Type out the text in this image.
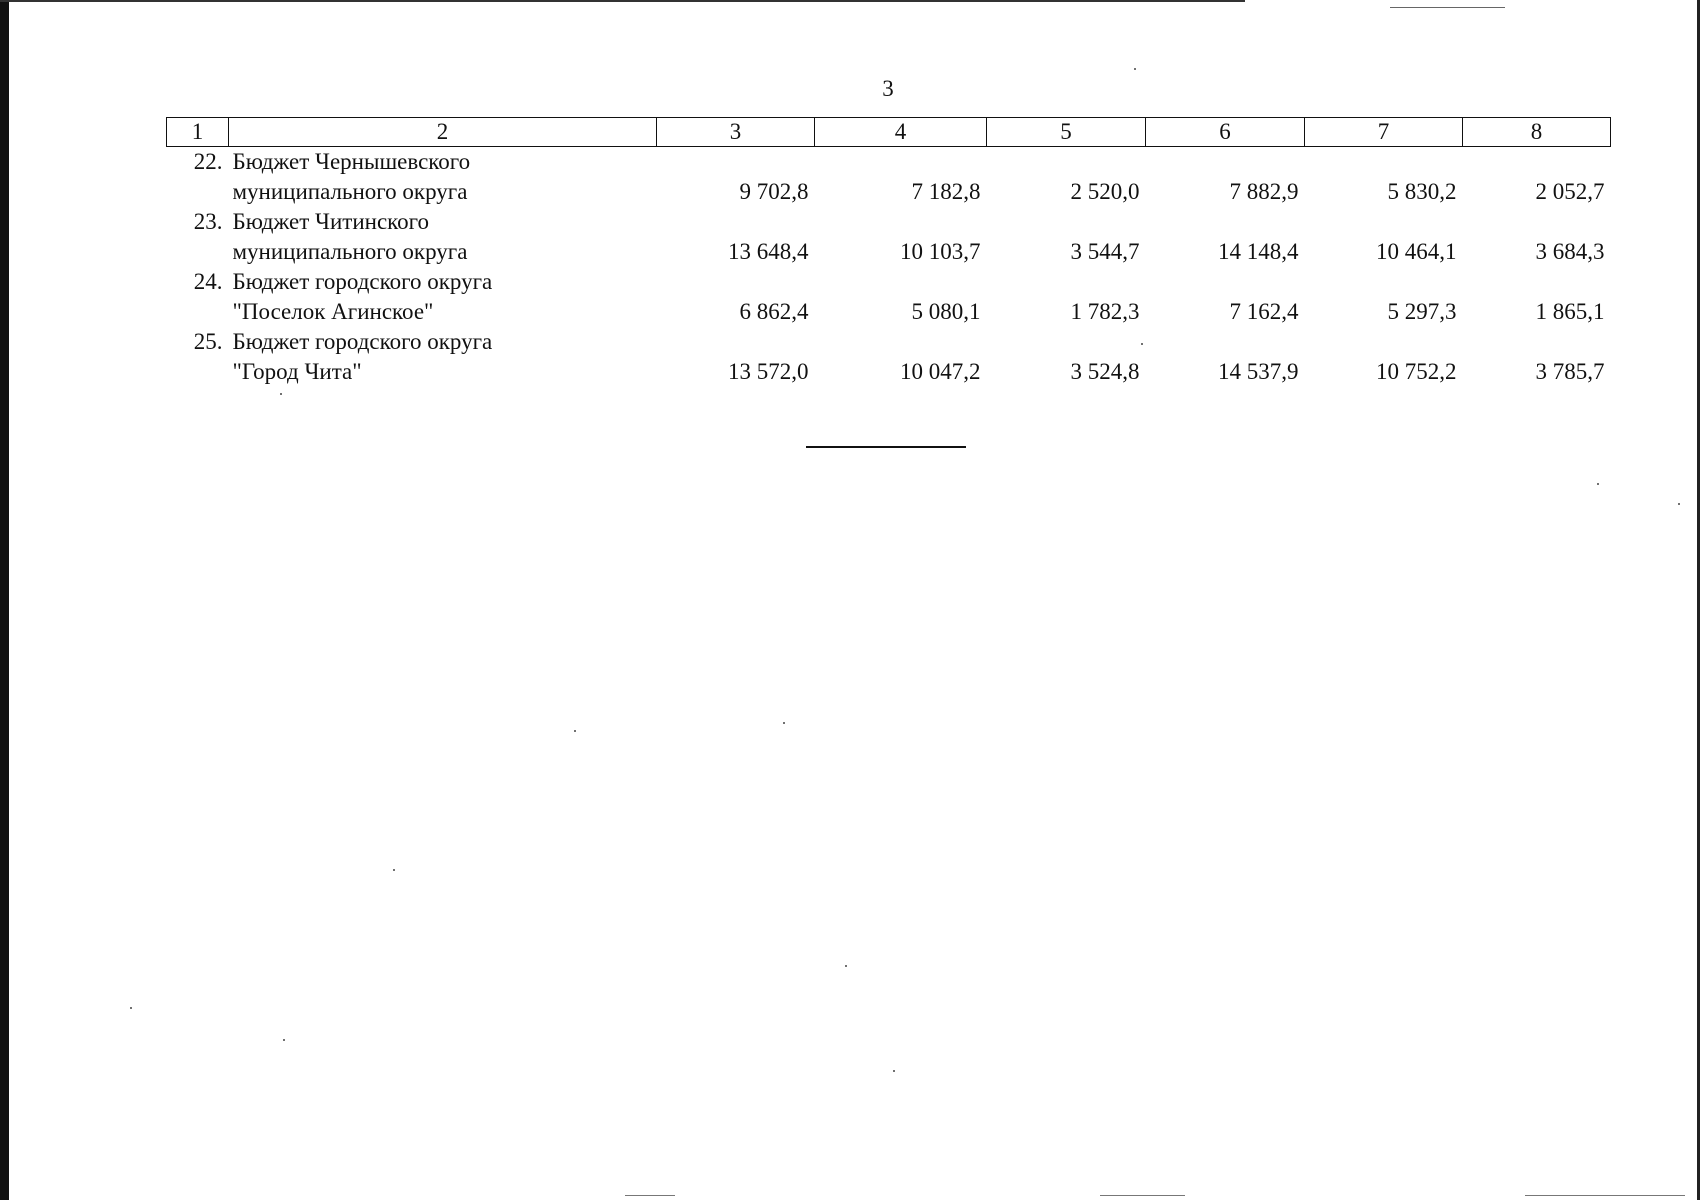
3
1	2	3	4	5	6	7	8
22.	Бюджет Чернышевского
муниципального округа	9 702,8	7 182,8	2 520,0	7 882,9	5 830,2	2 052,7
23.	Бюджет Читинского
муниципального округа	13 648,4	10 103,7	3 544,7	14 148,4	10 464,1	3 684,3
24.	Бюджет городского округа
"Поселок Агинское"	6 862,4	5 080,1	1 782,3	7 162,4	5 297,3	1 865,1
25.	Бюджет городского округа
"Город Чита"	13 572,0	10 047,2	3 524,8	14 537,9	10 752,2	3 785,7
